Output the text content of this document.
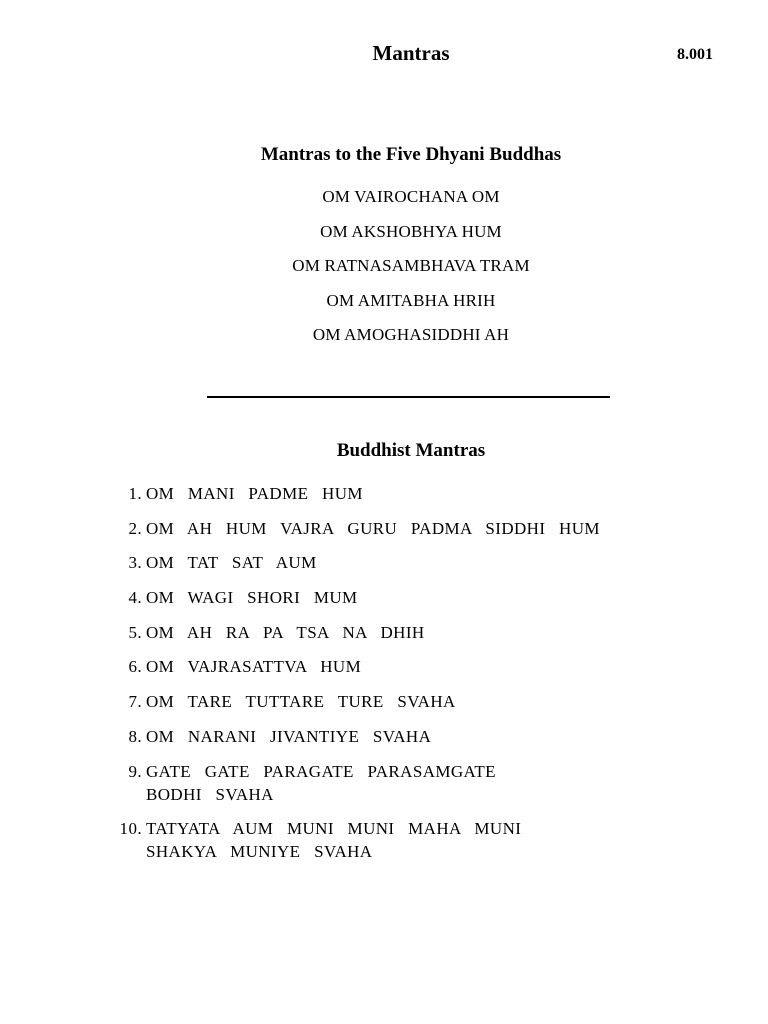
Mantras	8.001
Mantras to the Five Dhyani Buddhas
OM VAIROCHANA OM
OM AKSHOBHYA HUM
OM RATNASAMBHAVA TRAM
OM AMITABHA HRIH
OM AMOGHASIDDHI AH
Buddhist Mantras
1. OM MANI PADME HUM
2. OM AH HUM VAJRA GURU PADMA SIDDHI HUM
3. OM TAT SAT AUM
4. OM WAGI SHORI MUM
5. OM AH RA PA TSA NA DHIH
6. OM VAJRASATTVA HUM
7. OM TARE TUTTARE TURE SVAHA
8. OM NARANI JIVANTIYE SVAHA
9. GATE GATE PARAGATE PARASAMGATE
BODHI SVAHA
10. TATYATA AUM MUNI MUNI MAHA MUNI
SHAKYA MUNIYE SVAHA
